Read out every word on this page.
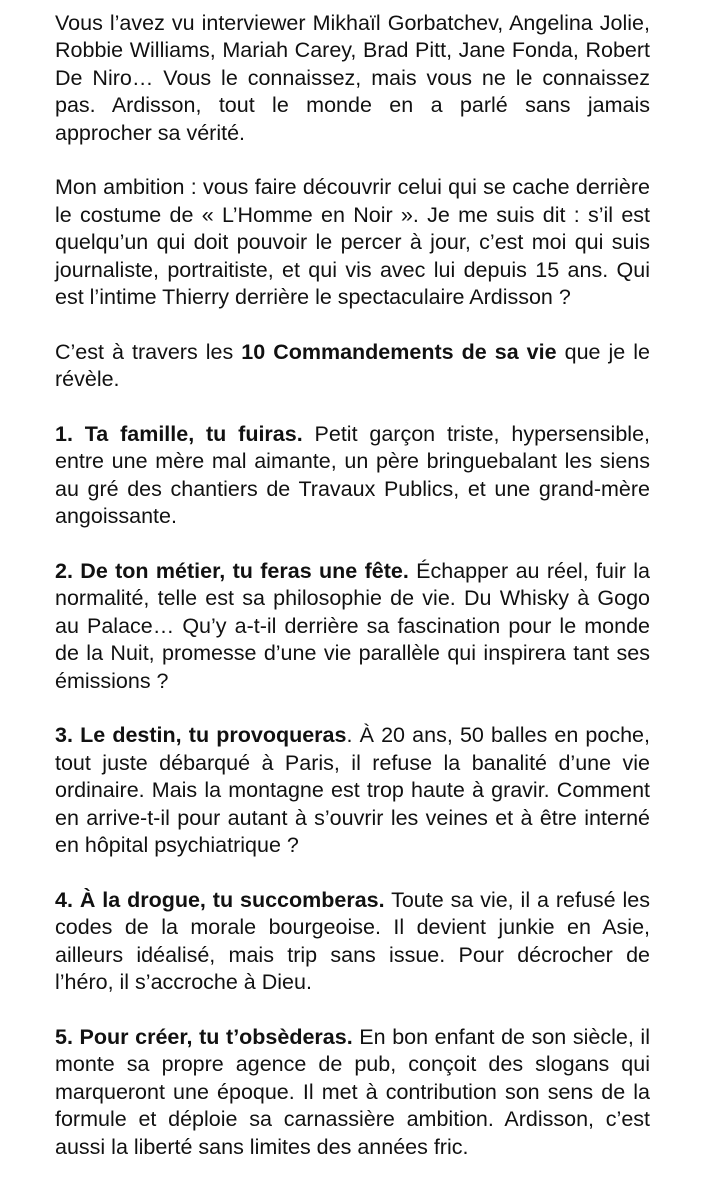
Vous l’avez vu interviewer Mikhaïl Gorbatchev, Angelina Jolie, Robbie Williams, Mariah Carey, Brad Pitt, Jane Fonda, Robert De Niro… Vous le connaissez, mais vous ne le connaissez pas. Ardisson, tout le monde en a parlé sans jamais approcher sa vérité.

Mon ambition : vous faire découvrir celui qui se cache derrière le costume de « L’Homme en Noir ». Je me suis dit : s’il est quelqu’un qui doit pouvoir le percer à jour, c’est moi qui suis journaliste, portraitiste, et qui vis avec lui depuis 15 ans. Qui est l’intime Thierry derrière le spectaculaire Ardisson ?

C’est à travers les 10 Commandements de sa vie que je le révèle.

1. Ta famille, tu fuiras. Petit garçon triste, hypersensible, entre une mère mal aimante, un père bringuebalant les siens au gré des chantiers de Travaux Publics, et une grand-mère angoissante.

2. De ton métier, tu feras une fête. Échapper au réel, fuir la normalité, telle est sa philosophie de vie. Du Whisky à Gogo au Palace… Qu’y a-t-il derrière sa fascination pour le monde de la Nuit, promesse d’une vie parallèle qui inspirera tant ses émissions ?

3. Le destin, tu provoqueras. À 20 ans, 50 balles en poche, tout juste débarqué à Paris, il refuse la banalité d’une vie ordinaire. Mais la montagne est trop haute à gravir. Comment en arrive-t-il pour autant à s’ouvrir les veines et à être interné en hôpital psychiatrique ?

4. À la drogue, tu succomberas. Toute sa vie, il a refusé les codes de la morale bourgeoise. Il devient junkie en Asie, ailleurs idéalisé, mais trip sans issue. Pour décrocher de l’héro, il s’accroche à Dieu.

5. Pour créer, tu t’obsèderas. En bon enfant de son siècle, il monte sa propre agence de pub, conçoit des slogans qui marqueront une époque. Il met à contribution son sens de la formule et déploie sa carnassière ambition. Ardisson, c’est aussi la liberté sans limites des années fric.
